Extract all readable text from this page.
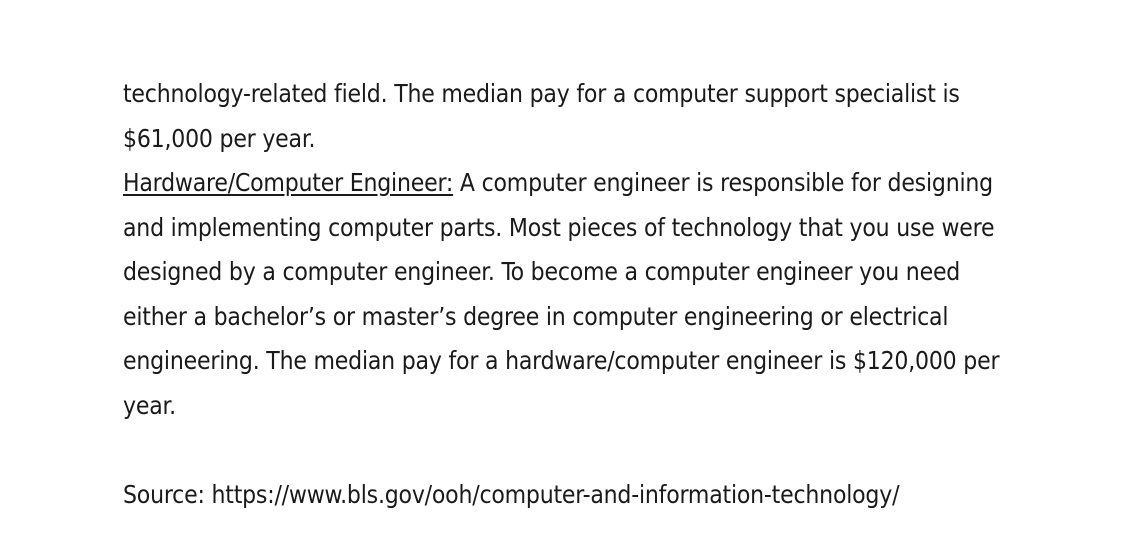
technology-related field. The median pay for a computer support specialist is $61,000 per year.

Hardware/Computer Engineer: A computer engineer is responsible for designing and implementing computer parts. Most pieces of technology that you use were designed by a computer engineer. To become a computer engineer you need either a bachelor’s or master’s degree in computer engineering or electrical engineering. The median pay for a hardware/computer engineer is $120,000 per year.

Source: https://www.bls.gov/ooh/computer-and-information-technology/
